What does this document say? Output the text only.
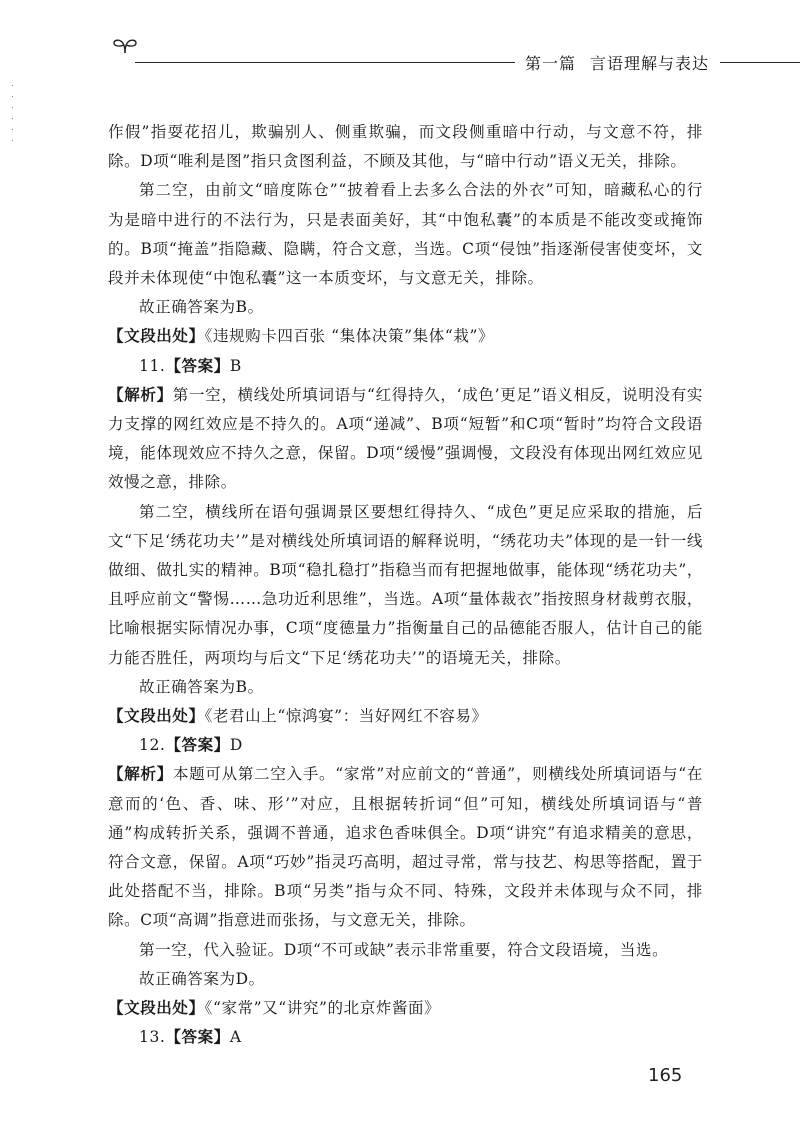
第一篇 言语理解与表达

作假”指耍花招儿，欺骗别人、侧重欺骗，而文段侧重暗中行动，与文意不符，排除。D项“唯利是图”指只贪图利益，不顾及其他，与“暗中行动”语义无关，排除。

第二空，由前文“暗度陈仓”“披着看上去多么合法的外衣”可知，暗藏私心的行为是暗中进行的不法行为，只是表面美好，其“中饱私囊”的本质是不能改变或掩饰的。B项“掩盖”指隐藏、隐瞒，符合文意，当选。C项“侵蚀”指逐渐侵害使变坏，文段并未体现使“中饱私囊”这一本质变坏，与文意无关，排除。

故正确答案为B。

【文段出处】《违规购卡四百张 “集体决策”集体“栽”》

11.【答案】B

【解析】第一空，横线处所填词语与“红得持久，‘成色’更足”语义相反，说明没有实力支撑的网红效应是不持久的。A项“递减”、B项“短暂”和C项“暂时”均符合文段语境，能体现效应不持久之意，保留。D项“缓慢”强调慢，文段没有体现出网红效应见效慢之意，排除。

第二空，横线所在语句强调景区要想红得持久、“成色”更足应采取的措施，后文“下足‘绣花功夫’”是对横线处所填词语的解释说明，“绣花功夫”体现的是一针一线做细、做扎实的精神。B项“稳扎稳打”指稳当而有把握地做事，能体现“绣花功夫”，且呼应前文“警惕……急功近利思维”，当选。A项“量体裁衣”指按照身材裁剪衣服，比喻根据实际情况办事，C项“度德量力”指衡量自己的品德能否服人，估计自己的能力能否胜任，两项均与后文“下足‘绣花功夫’”的语境无关，排除。

故正确答案为B。

【文段出处】《老君山上“惊鸿宴”：当好网红不容易》

12.【答案】D

【解析】本题可从第二空入手。“家常”对应前文的“普通”，则横线处所填词语与“在意而的‘色、香、味、形’”对应，且根据转折词“但”可知，横线处所填词语与“普通”构成转折关系，强调不普通，追求色香味俱全。D项“讲究”有追求精美的意思，符合文意，保留。A项“巧妙”指灵巧高明，超过寻常，常与技艺、构思等搭配，置于此处搭配不当，排除。B项“另类”指与众不同、特殊，文段并未体现与众不同，排除。C项“高调”指意进而张扬，与文意无关，排除。

第一空，代入验证。D项“不可或缺”表示非常重要，符合文段语境，当选。

故正确答案为D。

【文段出处】《“家常”又“讲究”的北京炸酱面》

13.【答案】A

165
